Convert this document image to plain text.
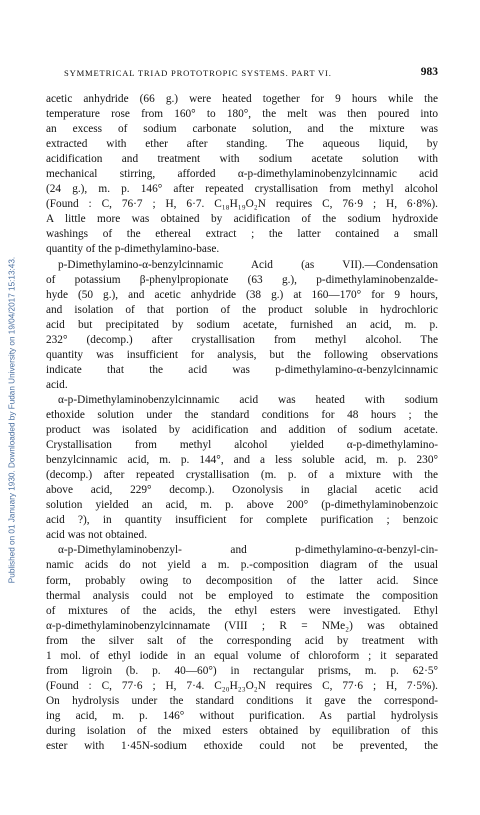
SYMMETRICAL TRIAD PROTOTROPIC SYSTEMS. PART VI.	983
Published on 01 January 1930. Downloaded by Fudan University on 19/04/2017 15:13:43.
acetic anhydride (66 g.) were heated together for 9 hours while the
temperature rose from 160° to 180°, the melt was then poured into
an excess of sodium carbonate solution, and the mixture was
extracted with ether after standing. The aqueous liquid, by
acidification and treatment with sodium acetate solution with
mechanical stirring, afforded α-p-dimethylaminobenzylcinnamic acid
(24 g.), m. p. 146° after repeated crystallisation from methyl alcohol
(Found : C, 76·7 ; H, 6·7. C₁₈H₁₉O₂N requires C, 76·9 ; H, 6·8%).
A little more was obtained by acidification of the sodium hydroxide
washings of the ethereal extract ; the latter contained a small
quantity of the p-dimethylamino-base.
p-Dimethylamino-α-benzylcinnamic Acid (as VII).—Condensation
of potassium β-phenylpropionate (63 g.), p-dimethylaminobenzalde-
hyde (50 g.), and acetic anhydride (38 g.) at 160—170° for 9 hours,
and isolation of that portion of the product soluble in hydrochloric
acid but precipitated by sodium acetate, furnished an acid, m. p.
232° (decomp.) after crystallisation from methyl alcohol. The
quantity was insufficient for analysis, but the following observations
indicate that the acid was p-dimethylamino-α-benzylcinnamic
acid.
α-p-Dimethylaminobenzylcinnamic acid was heated with sodium
ethoxide solution under the standard conditions for 48 hours ; the
product was isolated by acidification and addition of sodium acetate.
Crystallisation from methyl alcohol yielded α-p-dimethylamino-
benzylcinnamic acid, m. p. 144°, and a less soluble acid, m. p. 230°
(decomp.) after repeated crystallisation (m. p. of a mixture with the
above acid, 229° decomp.). Ozonolysis in glacial acetic acid
solution yielded an acid, m. p. above 200° (p-dimethylaminobenzoic
acid ?), in quantity insufficient for complete purification ; benzoic
acid was not obtained.
α-p-Dimethylaminobenzyl- and p-dimethylamino-α-benzyl-cin-
namic acids do not yield a m. p.-composition diagram of the usual
form, probably owing to decomposition of the latter acid. Since
thermal analysis could not be employed to estimate the composition
of mixtures of the acids, the ethyl esters were investigated. Ethyl
α-p-dimethylaminobenzylcinnamate (VIII ; R = NMe₂) was obtained
from the silver salt of the corresponding acid by treatment with
1 mol. of ethyl iodide in an equal volume of chloroform ; it separated
from ligroin (b. p. 40—60°) in rectangular prisms, m. p. 62·5°
(Found : C, 77·6 ; H, 7·4. C₂₀H₂₃O₂N requires C, 77·6 ; H, 7·5%).
On hydrolysis under the standard conditions it gave the correspond-
ing acid, m. p. 146° without purification. As partial hydrolysis
during isolation of the mixed esters obtained by equilibration of this
ester with 1·45N-sodium ethoxide could not be prevented, the
